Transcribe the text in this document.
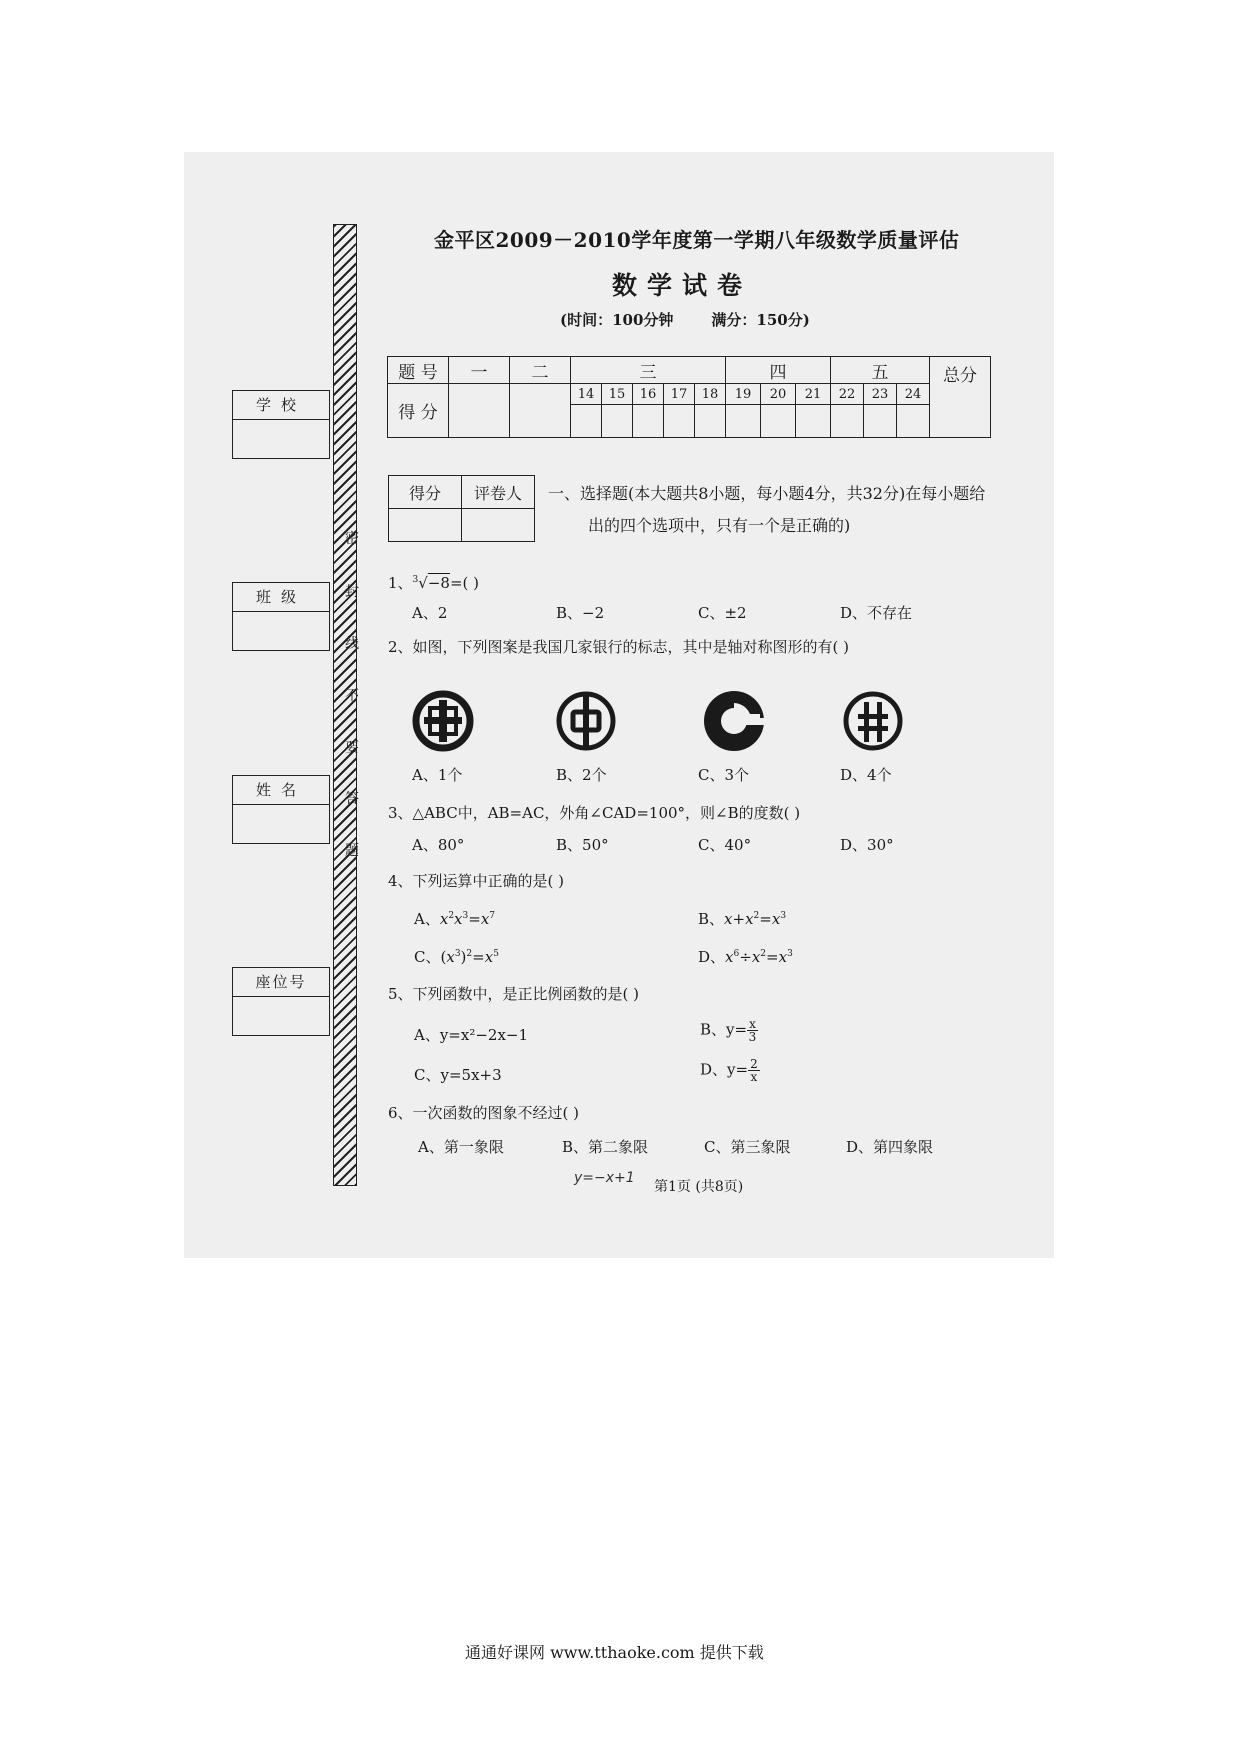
金平区2009－2010学年度第一学期八年级数学质量评估
数学试卷
(时间：100分钟	满分：150分)
题 号	一	二	三					四			五			总分
得 分			14	15	16	17	18	19	20	21	22	23	24	

学校
班级
姓名
座位号
密
封
线
不
要
答
题
得分	评卷人
	一、选择题(本大题共8小题，每小题4分，共32分)在每小题给
出的四个选项中，只有一个是正确的)
1、$^3$√−8=( )
A、2	B、−2	C、±2	D、不存在
2、如图，下列图案是我国几家银行的标志，其中是轴对称图形的有( )
A、1个	B、2个	C、3个	D、4个
3、△ABC中，AB=AC，外角∠CAD=100°，则∠B的度数( )
A、80°	B、50°	C、40°	D、30°
4、下列运算中正确的是( )
A、$x^2x^3=x^7$	B、$x+x^2=x^3$
C、$(x^3)^2=x^5$	D、$x^6\div x^2=x^3$
5、下列函数中，是正比例函数的是( )
A、y=x²−2x−1	B、$y= \frac{x}{3}$
C、y=5x+3	D、$y= \frac{2}{x}$
6、一次函数的图象不经过( )
A、第一象限	B、第二象限	C、第三象限	D、第四象限
y=−x+1
第1页 (共8页)
通通好课网 www.tthaoke.com 提供下载
